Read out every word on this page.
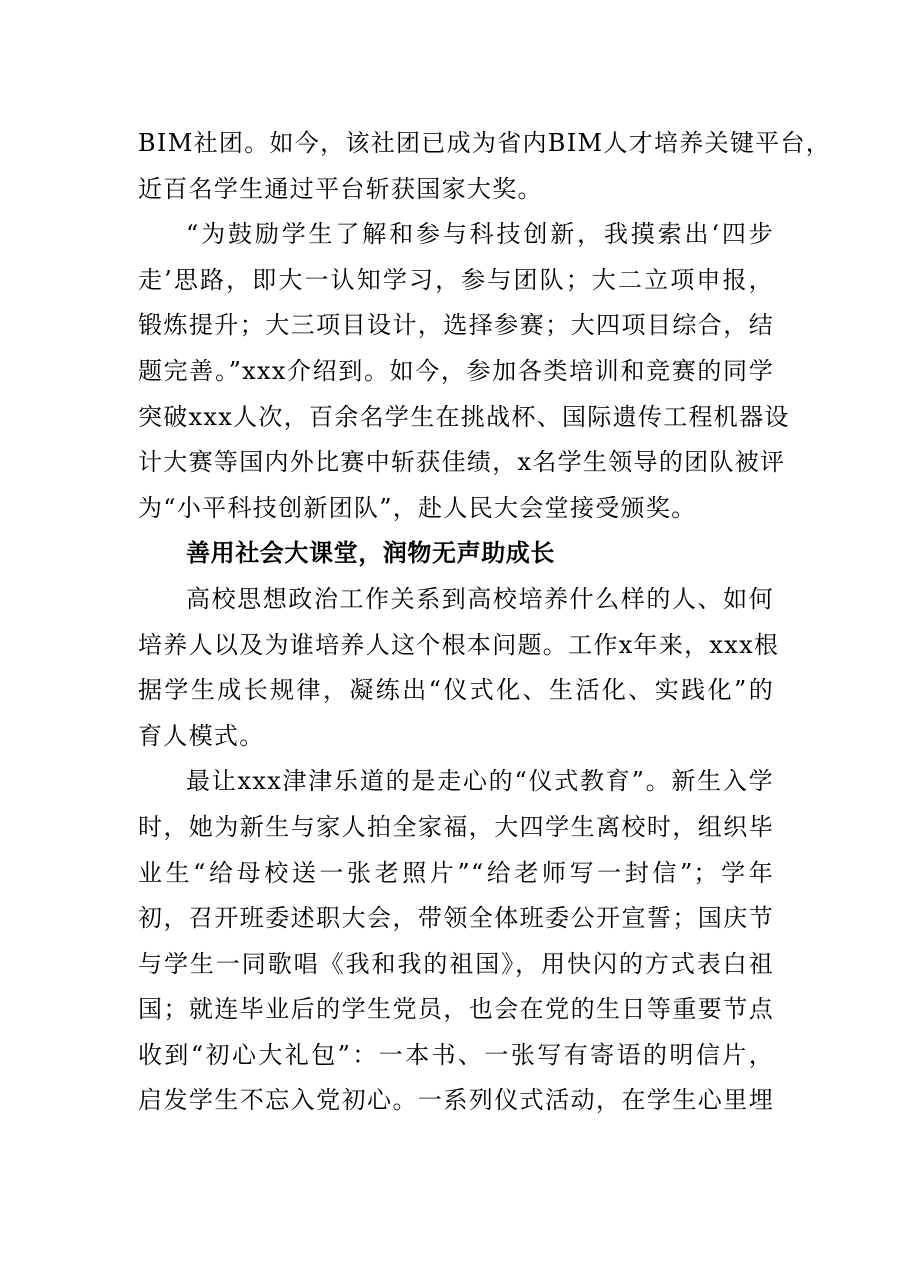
BIM社团。如今，该社团已成为省内BIM人才培养关键平台，
近百名学生通过平台斩获国家大奖。
“为鼓励学生了解和参与科技创新，我摸索出‘四步
走’思路，即大一认知学习，参与团队；大二立项申报，
锻炼提升；大三项目设计，选择参赛；大四项目综合，结
题完善。”xxx介绍到。如今，参加各类培训和竞赛的同学
突破xxx人次，百余名学生在挑战杯、国际遗传工程机器设
计大赛等国内外比赛中斩获佳绩，x名学生领导的团队被评
为“小平科技创新团队”，赴人民大会堂接受颁奖。
善用社会大课堂，润物无声助成长
高校思想政治工作关系到高校培养什么样的人、如何
培养人以及为谁培养人这个根本问题。工作x年来，xxx根
据学生成长规律，凝练出“仪式化、生活化、实践化”的
育人模式。
最让xxx津津乐道的是走心的“仪式教育”。新生入学
时，她为新生与家人拍全家福，大四学生离校时，组织毕
业生“给母校送一张老照片”“给老师写一封信”；学年
初，召开班委述职大会，带领全体班委公开宣誓；国庆节
与学生一同歌唱《我和我的祖国》，用快闪的方式表白祖
国；就连毕业后的学生党员，也会在党的生日等重要节点
收到“初心大礼包”：一本书、一张写有寄语的明信片，
启发学生不忘入党初心。一系列仪式活动，在学生心里埋
